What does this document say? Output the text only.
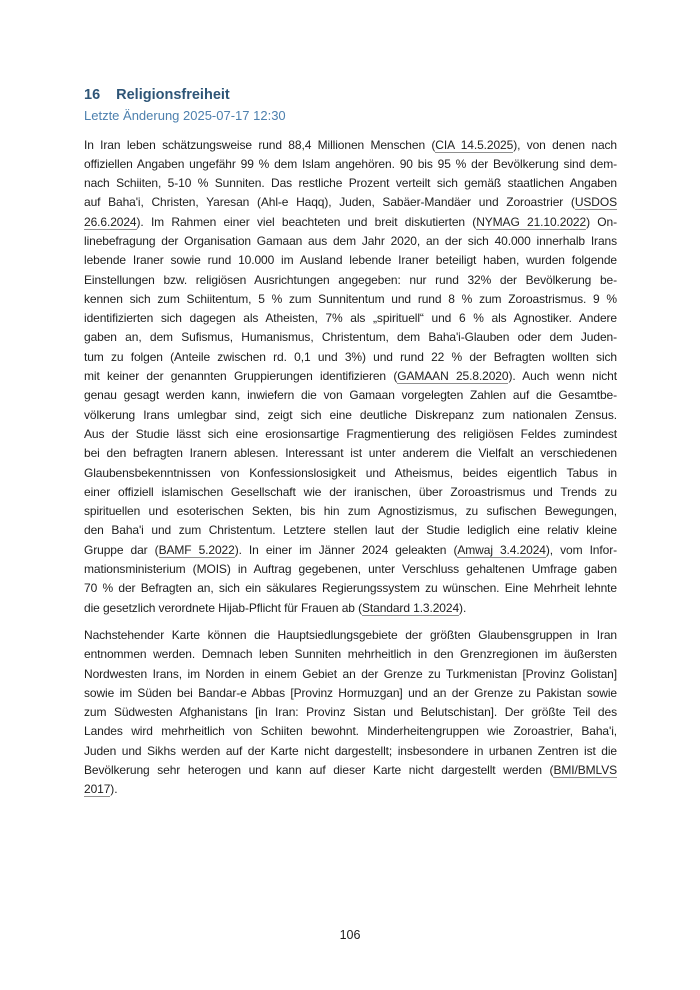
16 Religionsfreiheit
Letzte Änderung 2025-07-17 12:30
In Iran leben schätzungsweise rund 88,4 Millionen Menschen (CIA 14.5.2025), von denen nach
offiziellen Angaben ungefähr 99 % dem Islam angehören. 90 bis 95 % der Bevölkerung sind dem-
nach Schiiten, 5-10 % Sunniten. Das restliche Prozent verteilt sich gemäß staatlichen Angaben
auf Baha'i, Christen, Yaresan (Ahl-e Haqq), Juden, Sabäer-Mandäer und Zoroastrier (USDOS
26.6.2024). Im Rahmen einer viel beachteten und breit diskutierten (NYMAG 21.10.2022) On-
linebefragung der Organisation Gamaan aus dem Jahr 2020, an der sich 40.000 innerhalb Irans
lebende Iraner sowie rund 10.000 im Ausland lebende Iraner beteiligt haben, wurden folgende
Einstellungen bzw. religiösen Ausrichtungen angegeben: nur rund 32% der Bevölkerung be-
kennen sich zum Schiitentum, 5 % zum Sunnitentum und rund 8 % zum Zoroastrismus. 9 %
identifizierten sich dagegen als Atheisten, 7% als „spirituell“ und 6 % als Agnostiker. Andere
gaben an, dem Sufismus, Humanismus, Christentum, dem Baha'i-Glauben oder dem Juden-
tum zu folgen (Anteile zwischen rd. 0,1 und 3%) und rund 22 % der Befragten wollten sich
mit keiner der genannten Gruppierungen identifizieren (GAMAAN 25.8.2020). Auch wenn nicht
genau gesagt werden kann, inwiefern die von Gamaan vorgelegten Zahlen auf die Gesamtbe-
völkerung Irans umlegbar sind, zeigt sich eine deutliche Diskrepanz zum nationalen Zensus.
Aus der Studie lässt sich eine erosionsartige Fragmentierung des religiösen Feldes zumindest
bei den befragten Iranern ablesen. Interessant ist unter anderem die Vielfalt an verschiedenen
Glaubensbekenntnissen von Konfessionslosigkeit und Atheismus, beides eigentlich Tabus in
einer offiziell islamischen Gesellschaft wie der iranischen, über Zoroastrismus und Trends zu
spirituellen und esoterischen Sekten, bis hin zum Agnostizismus, zu sufischen Bewegungen,
den Baha'i und zum Christentum. Letztere stellen laut der Studie lediglich eine relativ kleine
Gruppe dar (BAMF 5.2022). In einer im Jänner 2024 geleakten (Amwaj 3.4.2024), vom Infor-
mationsministerium (MOIS) in Auftrag gegebenen, unter Verschluss gehaltenen Umfrage gaben
70 % der Befragten an, sich ein säkulares Regierungssystem zu wünschen. Eine Mehrheit lehnte
die gesetzlich verordnete Hijab-Pflicht für Frauen ab (Standard 1.3.2024).
Nachstehender Karte können die Hauptsiedlungsgebiete der größten Glaubensgruppen in Iran
entnommen werden. Demnach leben Sunniten mehrheitlich in den Grenzregionen im äußersten
Nordwesten Irans, im Norden in einem Gebiet an der Grenze zu Turkmenistan [Provinz Golistan]
sowie im Süden bei Bandar-e Abbas [Provinz Hormuzgan] und an der Grenze zu Pakistan sowie
zum Südwesten Afghanistans [in Iran: Provinz Sistan und Belutschistan]. Der größte Teil des
Landes wird mehrheitlich von Schiiten bewohnt. Minderheitengruppen wie Zoroastrier, Baha'i,
Juden und Sikhs werden auf der Karte nicht dargestellt; insbesondere in urbanen Zentren ist die
Bevölkerung sehr heterogen und kann auf dieser Karte nicht dargestellt werden (BMI/BMLVS
2017).
106
